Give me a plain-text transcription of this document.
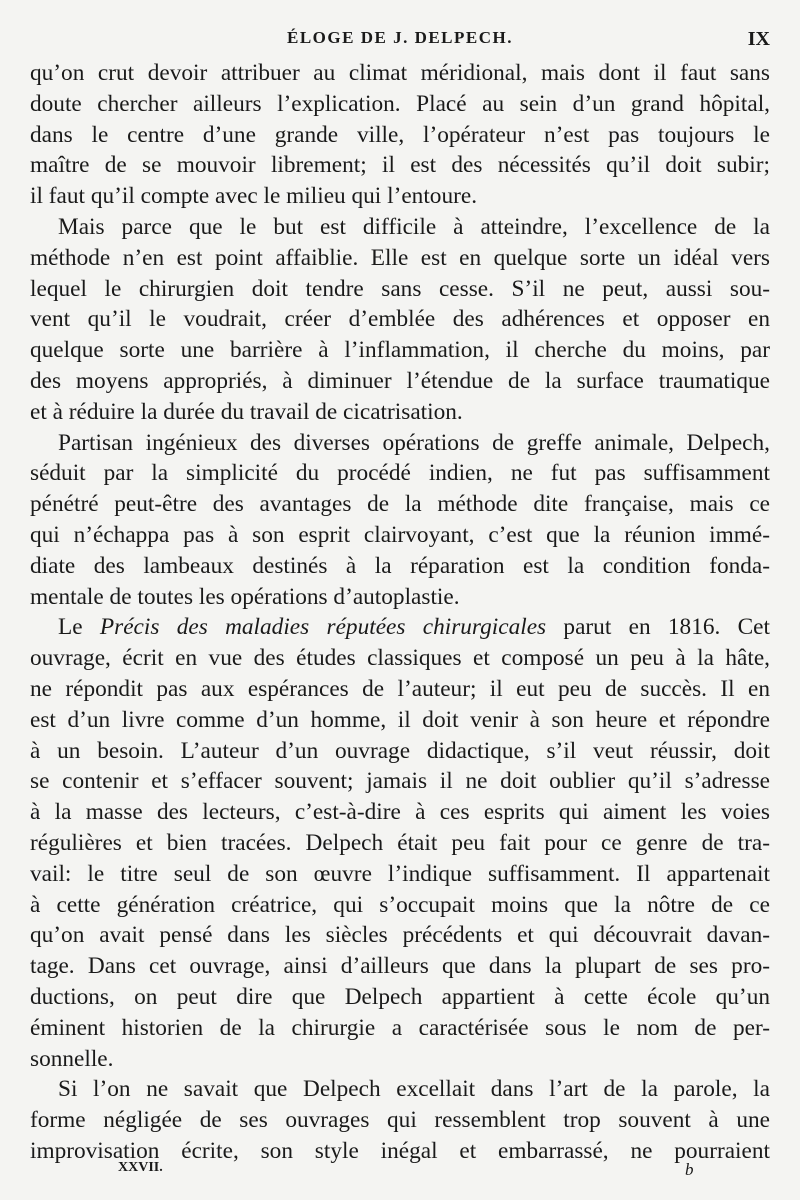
ÉLOGE DE J. DELPECH.	IX
qu’on crut devoir attribuer au climat méridional, mais dont il faut sans
doute chercher ailleurs l’explication. Placé au sein d’un grand hôpital,
dans le centre d’une grande ville, l’opérateur n’est pas toujours le
maître de se mouvoir librement; il est des nécessités qu’il doit subir;
il faut qu’il compte avec le milieu qui l’entoure.
Mais parce que le but est difficile à atteindre, l’excellence de la
méthode n’en est point affaiblie. Elle est en quelque sorte un idéal vers
lequel le chirurgien doit tendre sans cesse. S’il ne peut, aussi sou-
vent qu’il le voudrait, créer d’emblée des adhérences et opposer en
quelque sorte une barrière à l’inflammation, il cherche du moins, par
des moyens appropriés, à diminuer l’étendue de la surface traumatique
et à réduire la durée du travail de cicatrisation.
Partisan ingénieux des diverses opérations de greffe animale, Delpech,
séduit par la simplicité du procédé indien, ne fut pas suffisamment
pénétré peut-être des avantages de la méthode dite française, mais ce
qui n’échappa pas à son esprit clairvoyant, c’est que la réunion immé-
diate des lambeaux destinés à la réparation est la condition fonda-
mentale de toutes les opérations d’autoplastie.
Le Précis des maladies réputées chirurgicales parut en 1816. Cet
ouvrage, écrit en vue des études classiques et composé un peu à la hâte,
ne répondit pas aux espérances de l’auteur; il eut peu de succès. Il en
est d’un livre comme d’un homme, il doit venir à son heure et répondre
à un besoin. L’auteur d’un ouvrage didactique, s’il veut réussir, doit
se contenir et s’effacer souvent; jamais il ne doit oublier qu’il s’adresse
à la masse des lecteurs, c’est-à-dire à ces esprits qui aiment les voies
régulières et bien tracées. Delpech était peu fait pour ce genre de tra-
vail: le titre seul de son œuvre l’indique suffisamment. Il appartenait
à cette génération créatrice, qui s’occupait moins que la nôtre de ce
qu’on avait pensé dans les siècles précédents et qui découvrait davan-
tage. Dans cet ouvrage, ainsi d’ailleurs que dans la plupart de ses pro-
ductions, on peut dire que Delpech appartient à cette école qu’un
éminent historien de la chirurgie a caractérisée sous le nom de per-
sonnelle.
Si l’on ne savait que Delpech excellait dans l’art de la parole, la
forme négligée de ses ouvrages qui ressemblent trop souvent à une
improvisation écrite, son style inégal et embarrassé, ne pourraient
XXVII.	b
